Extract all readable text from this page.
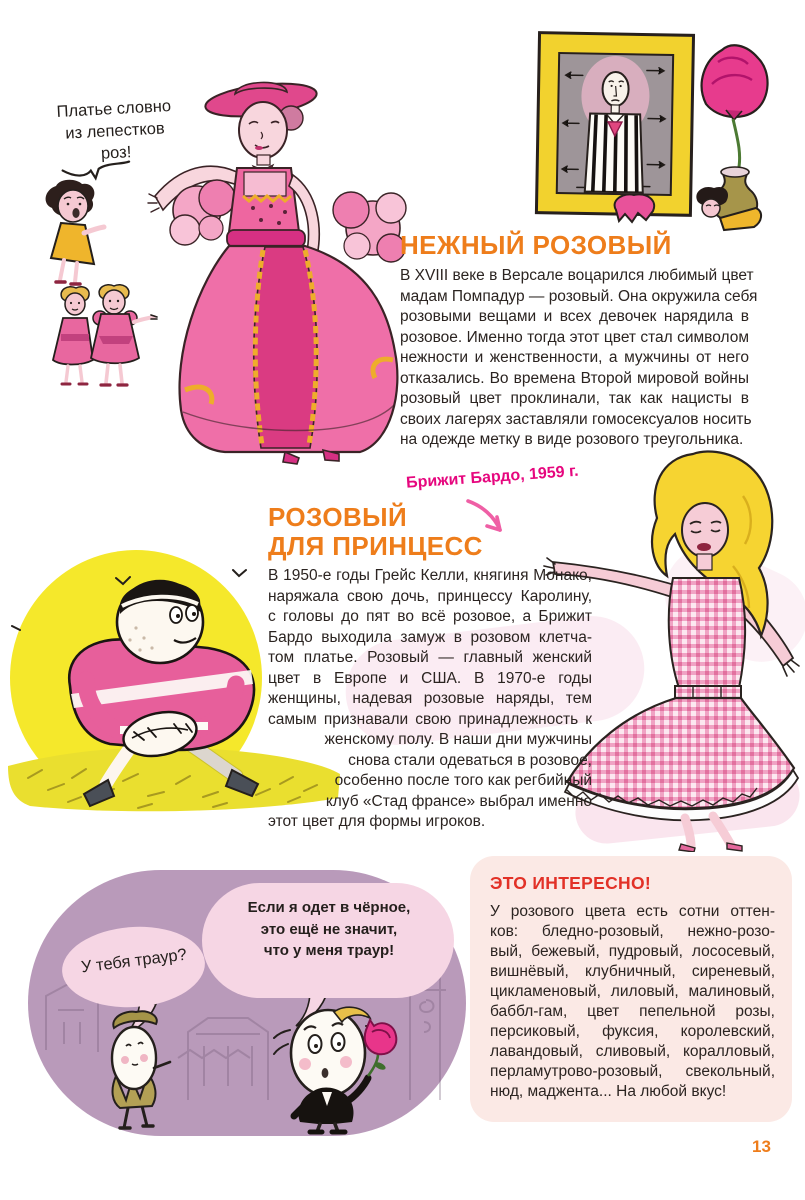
Платье словно
из лепестков
роз!
НЕЖНЫЙ РОЗОВЫЙ
В XVIII веке в Версале воцарился любимый цвет
мадам Помпадур — розовый. Она окружила себя
розовыми вещами и всех девочек нарядила в
розовое. Именно тогда этот цвет стал символом
нежности и женственности, а мужчины от него
отказались. Во времена Второй мировой войны
розовый цвет проклинали, так как нацисты в
своих лагерях заставляли гомосексуалов носить
на одежде метку в виде розового треугольника.
Брижит Бардо, 1959 г.
РОЗОВЫЙ
ДЛЯ ПРИНЦЕСС
В 1950-е годы Грейс Келли, княгиня Монако,
наряжала свою дочь, принцессу Каролину,
с головы до пят во всё розовое, а Брижит
Бардо выходила замуж в розовом клетча-
том платье. Розовый — главный женский
цвет в Европе и США. В 1970-е годы
женщины, надевая розовые наряды, тем
самым признавали свою принадлежность к
женскому полу. В наши дни мужчины
снова стали одеваться в розовое,
особенно после того как регбийный
клуб «Стад франсе» выбрал именно
этот цвет для формы игроков.
У тебя траур?
Если я одет в чёрное,
это ещё не значит,
что у меня траур!
ЭТО ИНТЕРЕСНО!
У розового цвета есть сотни оттен-
ков: бледно-розовый, нежно-розо-
вый, бежевый, пудровый, лососевый,
вишнёвый, клубничный, сиреневый,
цикламеновый, лиловый, малиновый,
баббл-гам, цвет пепельной розы,
персиковый, фуксия, королевский,
лавандовый, сливовый, коралловый,
перламутрово-розовый, свекольный,
нюд, маджента... На любой вкус!
13
